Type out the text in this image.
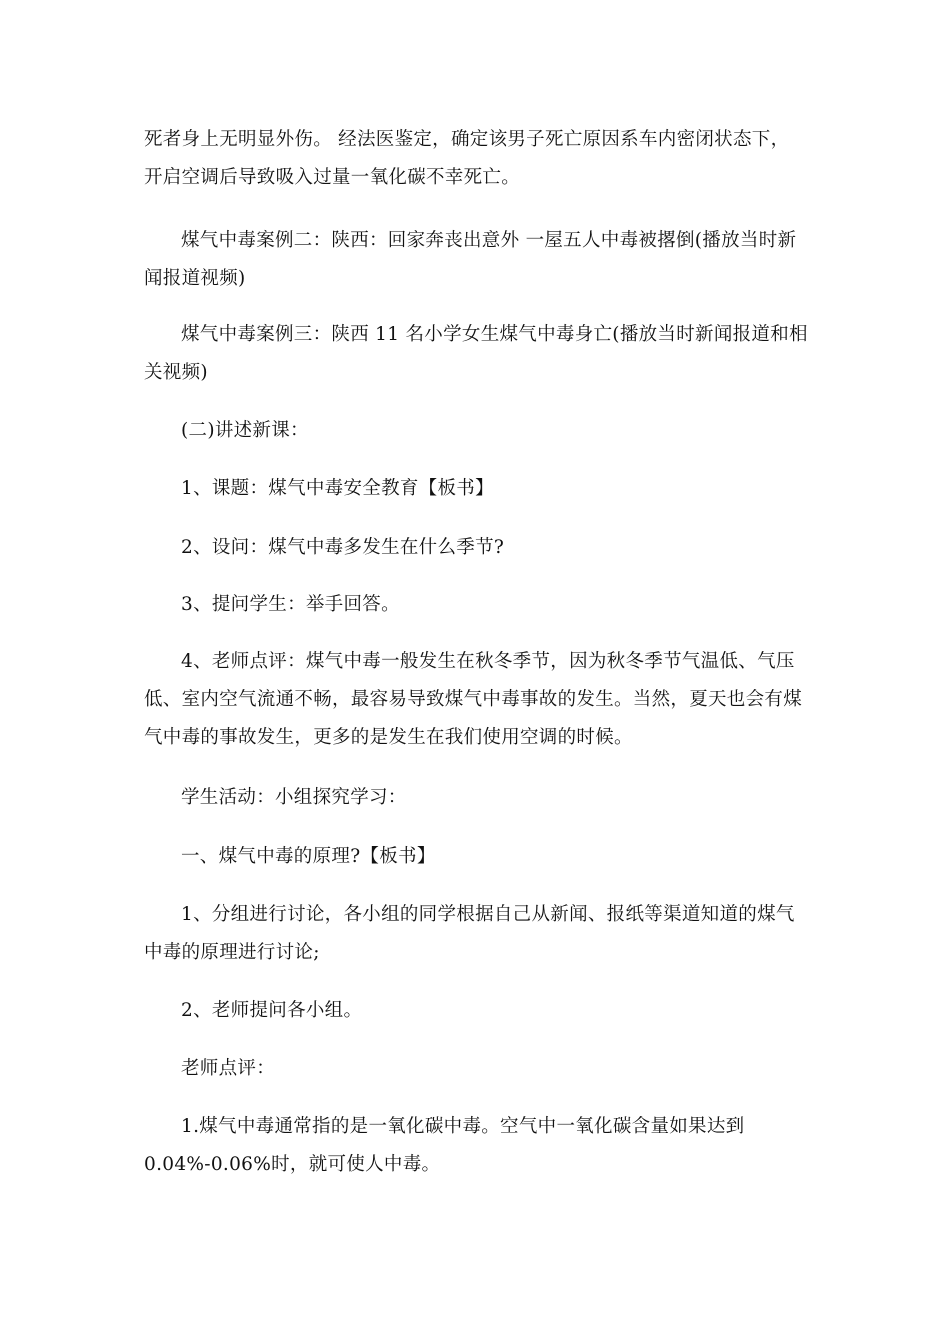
死者身上无明显外伤。 经法医鉴定，确定该男子死亡原因系车内密闭状态下，
开启空调后导致吸入过量一氧化碳不幸死亡。

煤气中毒案例二：陕西：回家奔丧出意外 一屋五人中毒被撂倒(播放当时新
闻报道视频)

煤气中毒案例三：陕西 11 名小学女生煤气中毒身亡(播放当时新闻报道和相
关视频)

(二)讲述新课：

1、课题：煤气中毒安全教育【板书】

2、设问：煤气中毒多发生在什么季节?

3、提问学生：举手回答。

4、老师点评：煤气中毒一般发生在秋冬季节，因为秋冬季节气温低、气压
低、室内空气流通不畅，最容易导致煤气中毒事故的发生。当然，夏天也会有煤
气中毒的事故发生，更多的是发生在我们使用空调的时候。

学生活动：小组探究学习：

一、煤气中毒的原理?【板书】

1、分组进行讨论，各小组的同学根据自己从新闻、报纸等渠道知道的煤气
中毒的原理进行讨论;

2、老师提问各小组。

老师点评：

1.煤气中毒通常指的是一氧化碳中毒。空气中一氧化碳含量如果达到
0.04%-0.06%时，就可使人中毒。
